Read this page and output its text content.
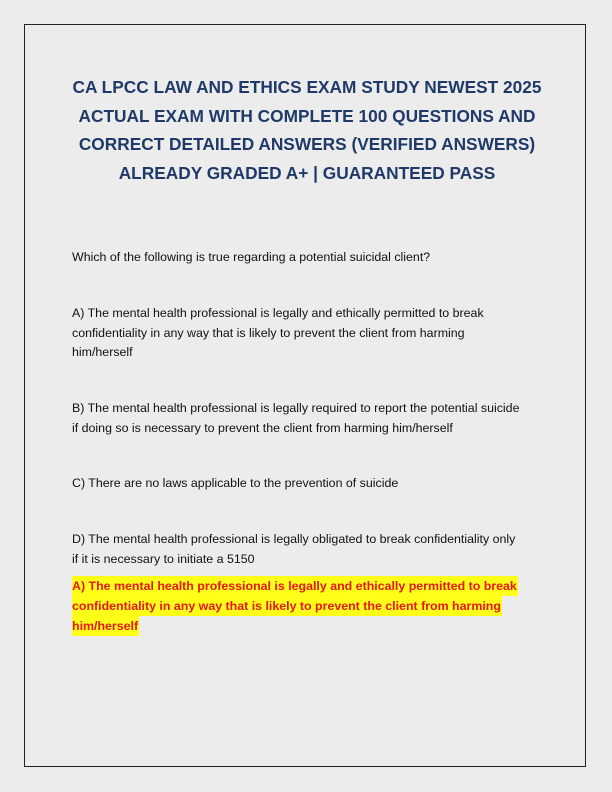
CA LPCC LAW AND ETHICS EXAM STUDY NEWEST 2025
ACTUAL EXAM WITH COMPLETE 100 QUESTIONS AND
CORRECT DETAILED ANSWERS (VERIFIED ANSWERS)
ALREADY GRADED A+ | GUARANTEED PASS

Which of the following is true regarding a potential suicidal client?

A) The mental health professional is legally and ethically permitted to break
confidentiality in any way that is likely to prevent the client from harming
him/herself

B) The mental health professional is legally required to report the potential suicide
if doing so is necessary to prevent the client from harming him/herself

C) There are no laws applicable to the prevention of suicide

D) The mental health professional is legally obligated to break confidentiality only
if it is necessary to initiate a 5150

A) The mental health professional is legally and ethically permitted to break
confidentiality in any way that is likely to prevent the client from harming
him/herself
